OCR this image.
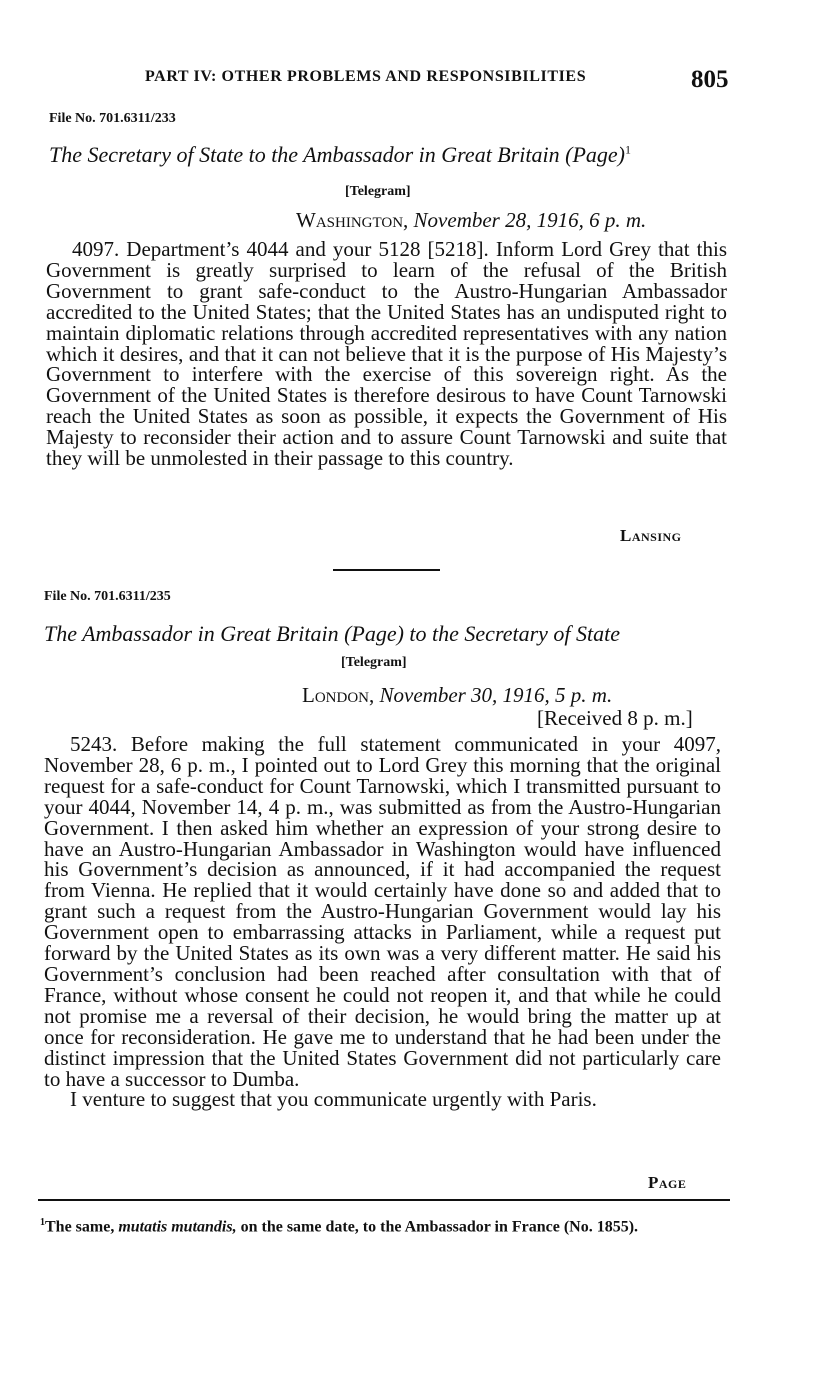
PART IV: OTHER PROBLEMS AND RESPONSIBILITIES	805
File No. 701.6311/233
The Secretary of State to the Ambassador in Great Britain (Page)$^1$
[Telegram]
Washington, November 28, 1916, 6 p. m.

4097. Department’s 4044 and your 5128 [5218]. Inform Lord Grey that this Government is greatly surprised to learn of the refusal of the British Government to grant safe-conduct to the Austro-Hungarian Ambassador accredited to the United States; that the United States has an undisputed right to maintain diplomatic relations through accredited representatives with any nation which it desires, and that it can not believe that it is the purpose of His Majesty’s Government to interfere with the exercise of this sovereign right. As the Government of the United States is therefore desirous to have Count Tarnowski reach the United States as soon as possible, it expects the Government of His Majesty to reconsider their action and to assure Count Tarnowski and suite that they will be unmolested in their passage to this country.

Lansing
File No. 701.6311/235
The Ambassador in Great Britain (Page) to the Secretary of State
[Telegram]
London, November 30, 1916, 5 p. m.
[Received 8 p. m.]

5243. Before making the full statement communicated in your 4097, November 28, 6 p. m., I pointed out to Lord Grey this morning that the original request for a safe-conduct for Count Tarnowski, which I transmitted pursuant to your 4044, November 14, 4 p. m., was submitted as from the Austro-Hungarian Government. I then asked him whether an expression of your strong desire to have an Austro-Hungarian Ambassador in Washington would have influenced his Government’s decision as announced, if it had accompanied the request from Vienna. He replied that it would certainly have done so and added that to grant such a request from the Austro-Hungarian Government would lay his Government open to embarrassing attacks in Parliament, while a request put forward by the United States as its own was a very different matter. He said his Government’s conclusion had been reached after consultation with that of France, without whose consent he could not reopen it, and that while he could not promise me a reversal of their decision, he would bring the matter up at once for reconsideration. He gave me to understand that he had been under the distinct impression that the United States Government did not particularly care to have a successor to Dumba.

I venture to suggest that you communicate urgently with Paris.

Page
$^1$The same, mutatis mutandis, on the same date, to the Ambassador in France (No. 1855).
